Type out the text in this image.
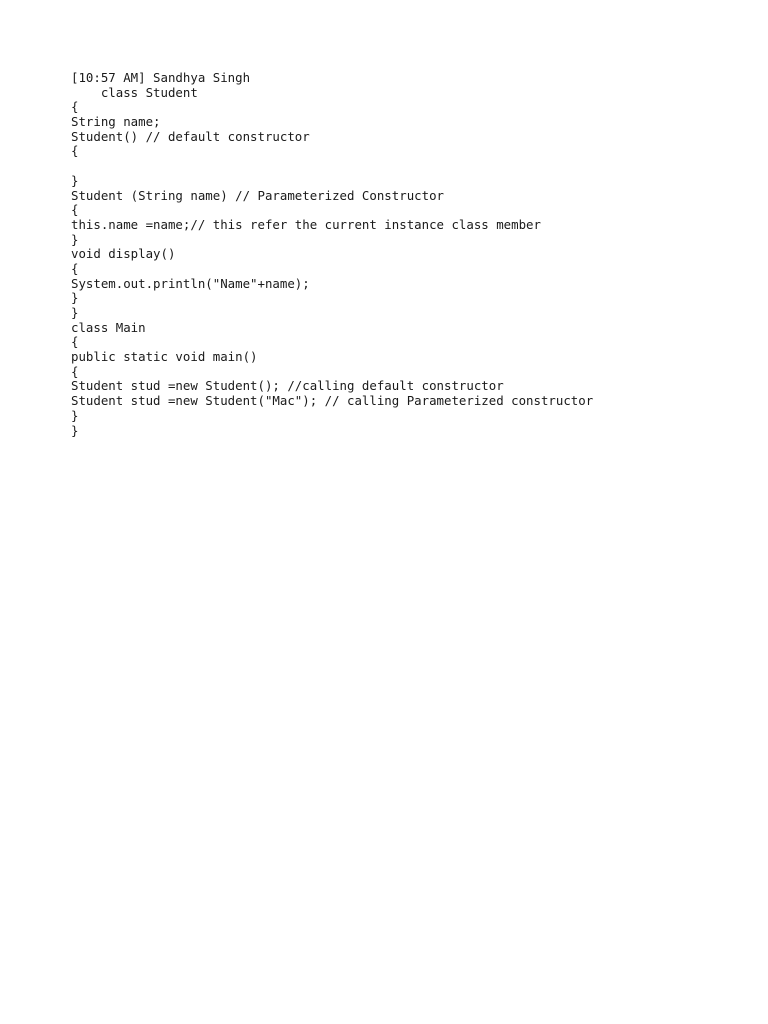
[10:57 AM] Sandhya Singh
class Student
{
String name;
Student() // default constructor
{
}
Student (String name) // Parameterized Constructor
{
this.name =name;// this refer the current instance class member
}
void display()
{
System.out.println("Name"+name);
}
}
class Main
{
public static void main()
{
Student stud =new Student(); //calling default constructor
Student stud =new Student("Mac"); // calling Parameterized constructor
}
}
